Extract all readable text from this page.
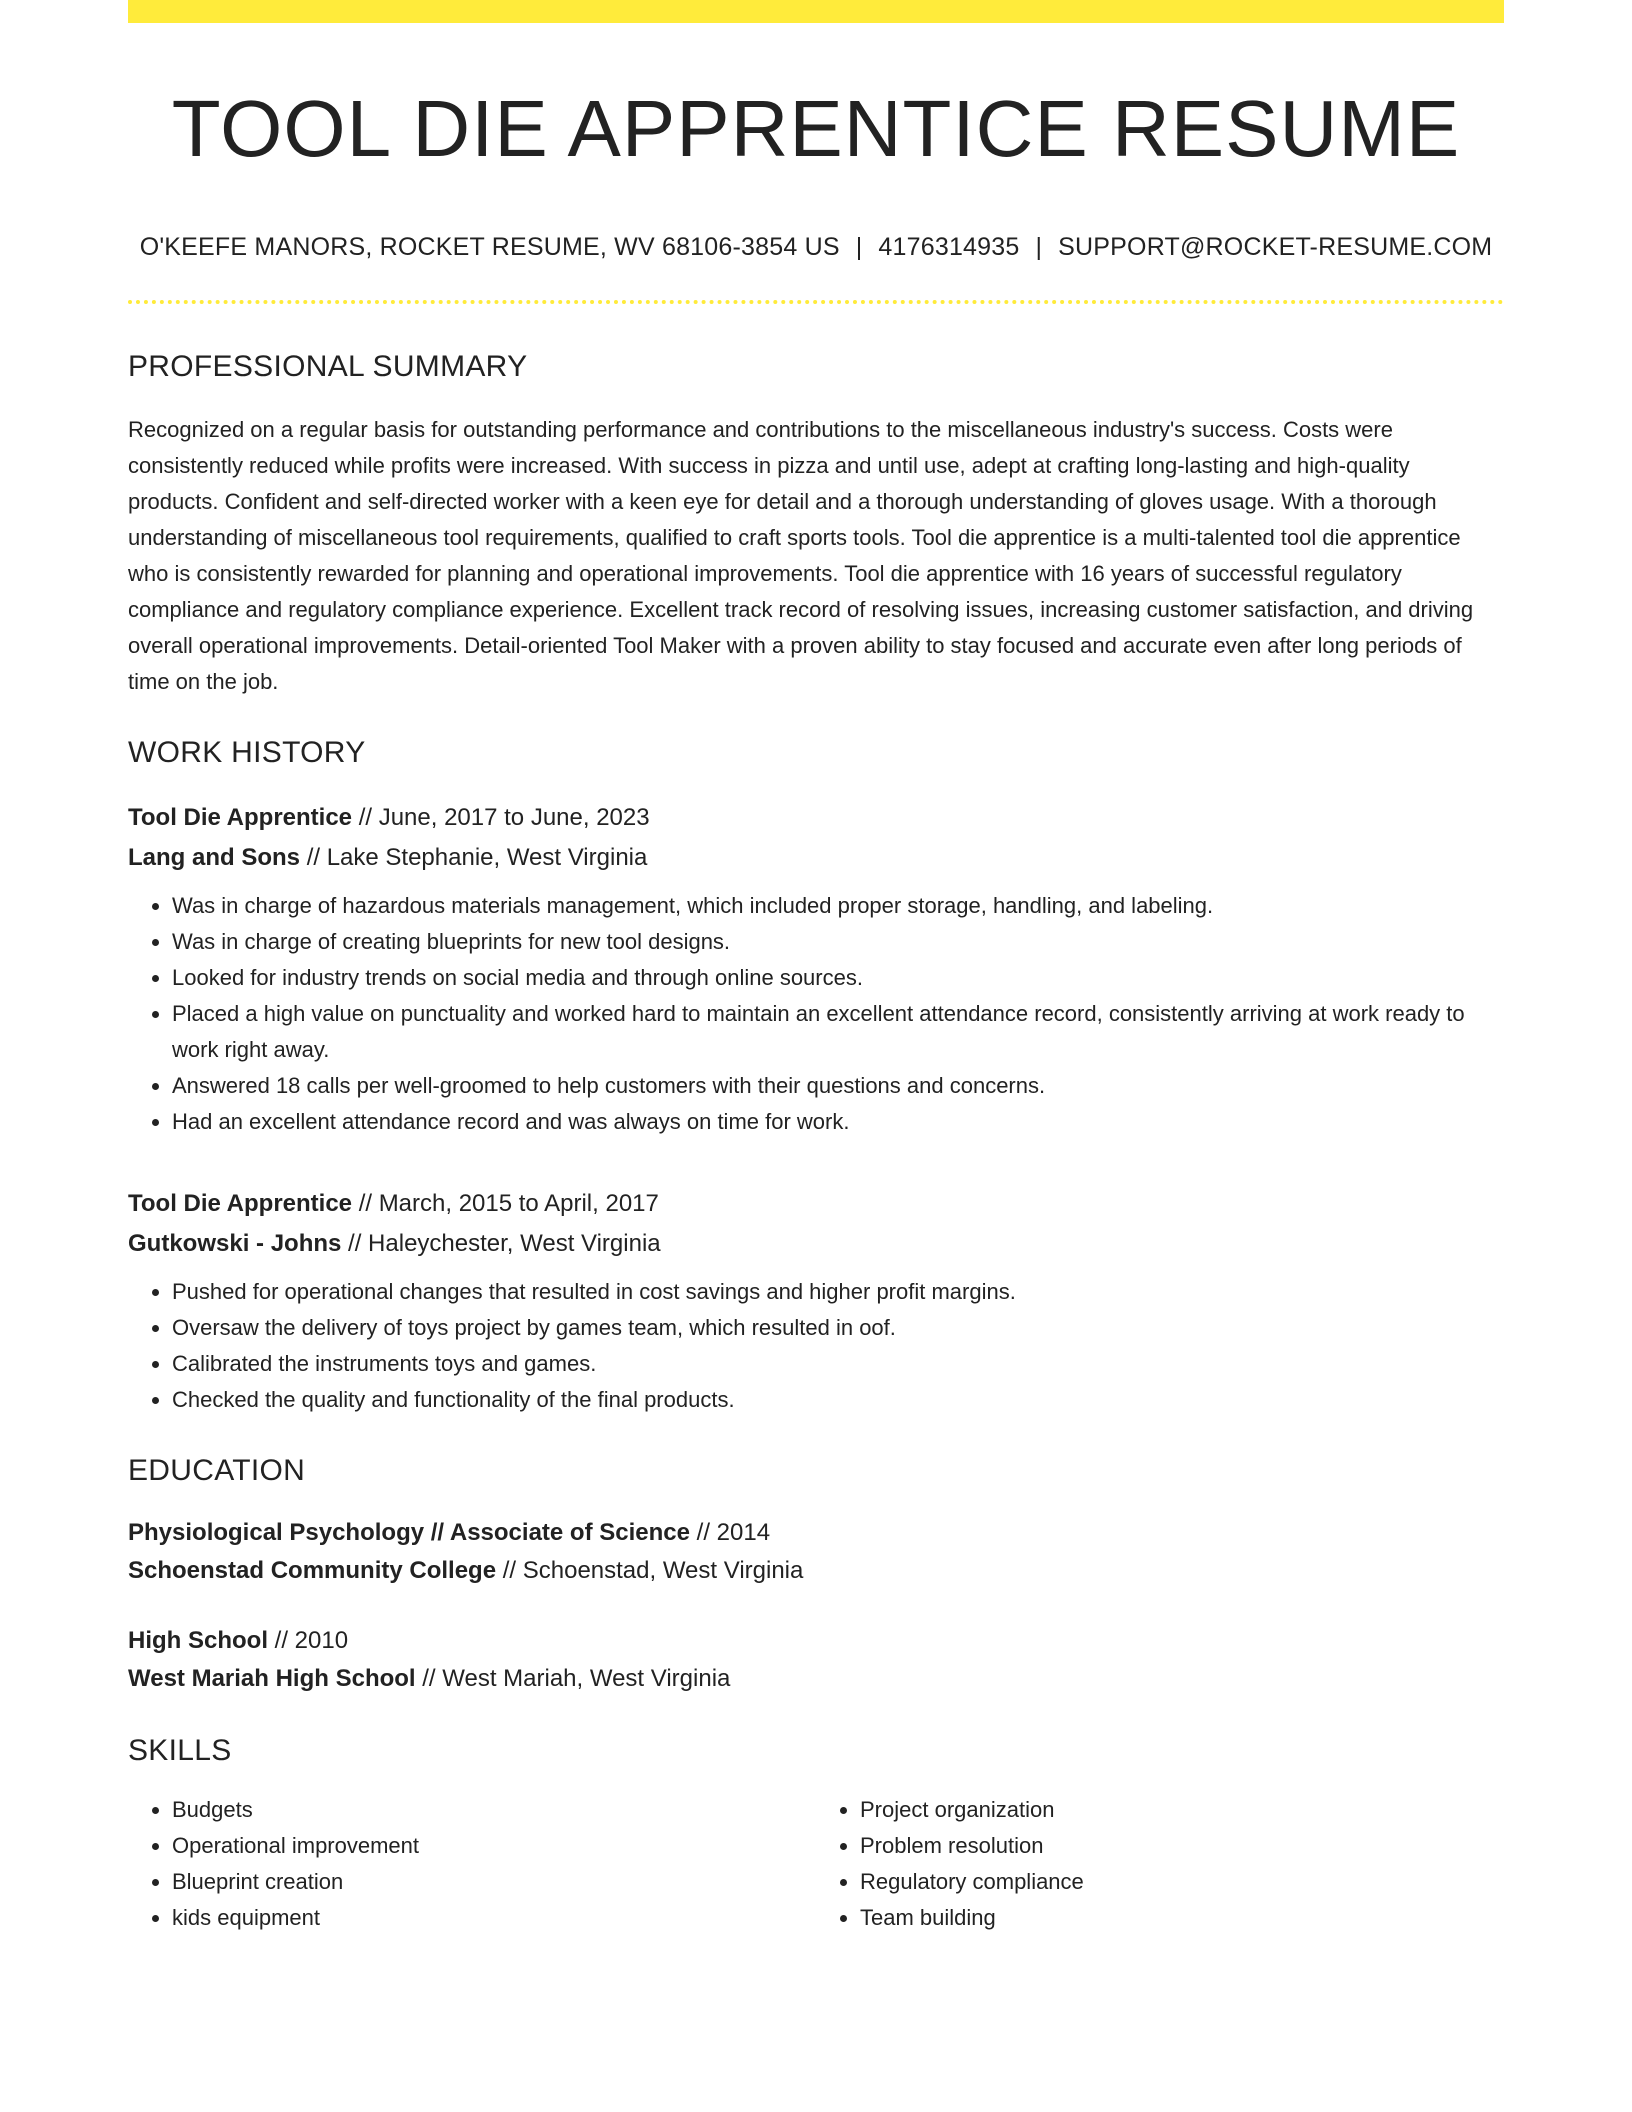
TOOL DIE APPRENTICE RESUME
O'KEEFE MANORS, ROCKET RESUME, WV 68106-3854 US | 4176314935 | SUPPORT@ROCKET-RESUME.COM
PROFESSIONAL SUMMARY

Recognized on a regular basis for outstanding performance and contributions to the miscellaneous industry's success. Costs were consistently reduced while profits were increased. With success in pizza and until use, adept at crafting long-lasting and high-quality products. Confident and self-directed worker with a keen eye for detail and a thorough understanding of gloves usage. With a thorough understanding of miscellaneous tool requirements, qualified to craft sports tools. Tool die apprentice is a multi-talented tool die apprentice who is consistently rewarded for planning and operational improvements. Tool die apprentice with 16 years of successful regulatory compliance and regulatory compliance experience. Excellent track record of resolving issues, increasing customer satisfaction, and driving overall operational improvements. Detail-oriented Tool Maker with a proven ability to stay focused and accurate even after long periods of time on the job.

WORK HISTORY
Tool Die Apprentice // June, 2017 to June, 2023
Lang and Sons // Lake Stephanie, West Virginia
• Was in charge of hazardous materials management, which included proper storage, handling, and labeling.
• Was in charge of creating blueprints for new tool designs.
• Looked for industry trends on social media and through online sources.
• Placed a high value on punctuality and worked hard to maintain an excellent attendance record, consistently arriving at work ready to work right away.
• Answered 18 calls per well-groomed to help customers with their questions and concerns.
• Had an excellent attendance record and was always on time for work.
Tool Die Apprentice // March, 2015 to April, 2017
Gutkowski - Johns // Haleychester, West Virginia
• Pushed for operational changes that resulted in cost savings and higher profit margins.
• Oversaw the delivery of toys project by games team, which resulted in oof.
• Calibrated the instruments toys and games.
• Checked the quality and functionality of the final products.
EDUCATION
Physiological Psychology // Associate of Science // 2014
Schoenstad Community College // Schoenstad, West Virginia
High School // 2010
West Mariah High School // West Mariah, West Virginia
SKILLS
• Budgets
• Operational improvement
• Blueprint creation
• kids equipment
• Project organization
• Problem resolution
• Regulatory compliance
• Team building
